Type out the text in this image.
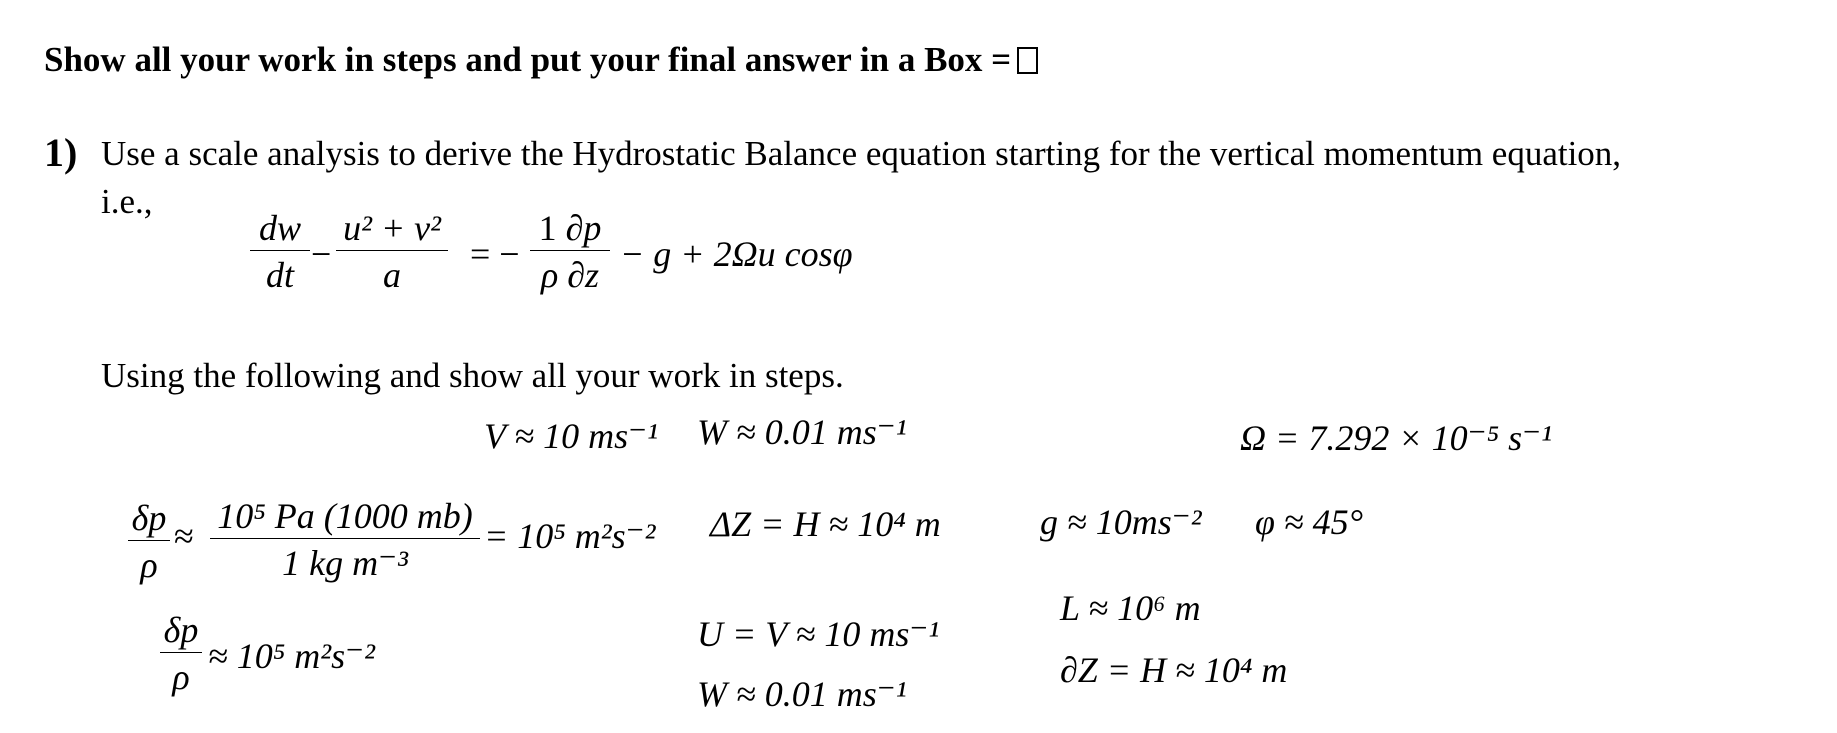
Show all your work in steps and put your final answer in a Box =
1) Use a scale analysis to derive the Hydrostatic Balance equation starting for the vertical momentum equation,
i.e.,
dw
dt
−
u² + v²
a
= −
1 ∂p
ρ ∂z
− g + 2Ωu cosφ
Using the following and show all your work in steps.
V ≈ 10 ms⁻¹ W ≈ 0.01 ms⁻¹	Ω = 7.292 × 10⁻⁵ s⁻¹
δp
ρ
≈ 10⁵ Pa (1000 mb)
1 kg m⁻³
= 10⁵ m²s⁻² ΔZ = H ≈ 10⁴ m	g ≈ 10ms⁻² φ ≈ 45°
L ≈ 10⁶ m
δp
ρ
≈ 10⁵ m²s⁻²
U = V ≈ 10 ms⁻¹
∂Z = H ≈ 10⁴ m
W ≈ 0.01 ms⁻¹
